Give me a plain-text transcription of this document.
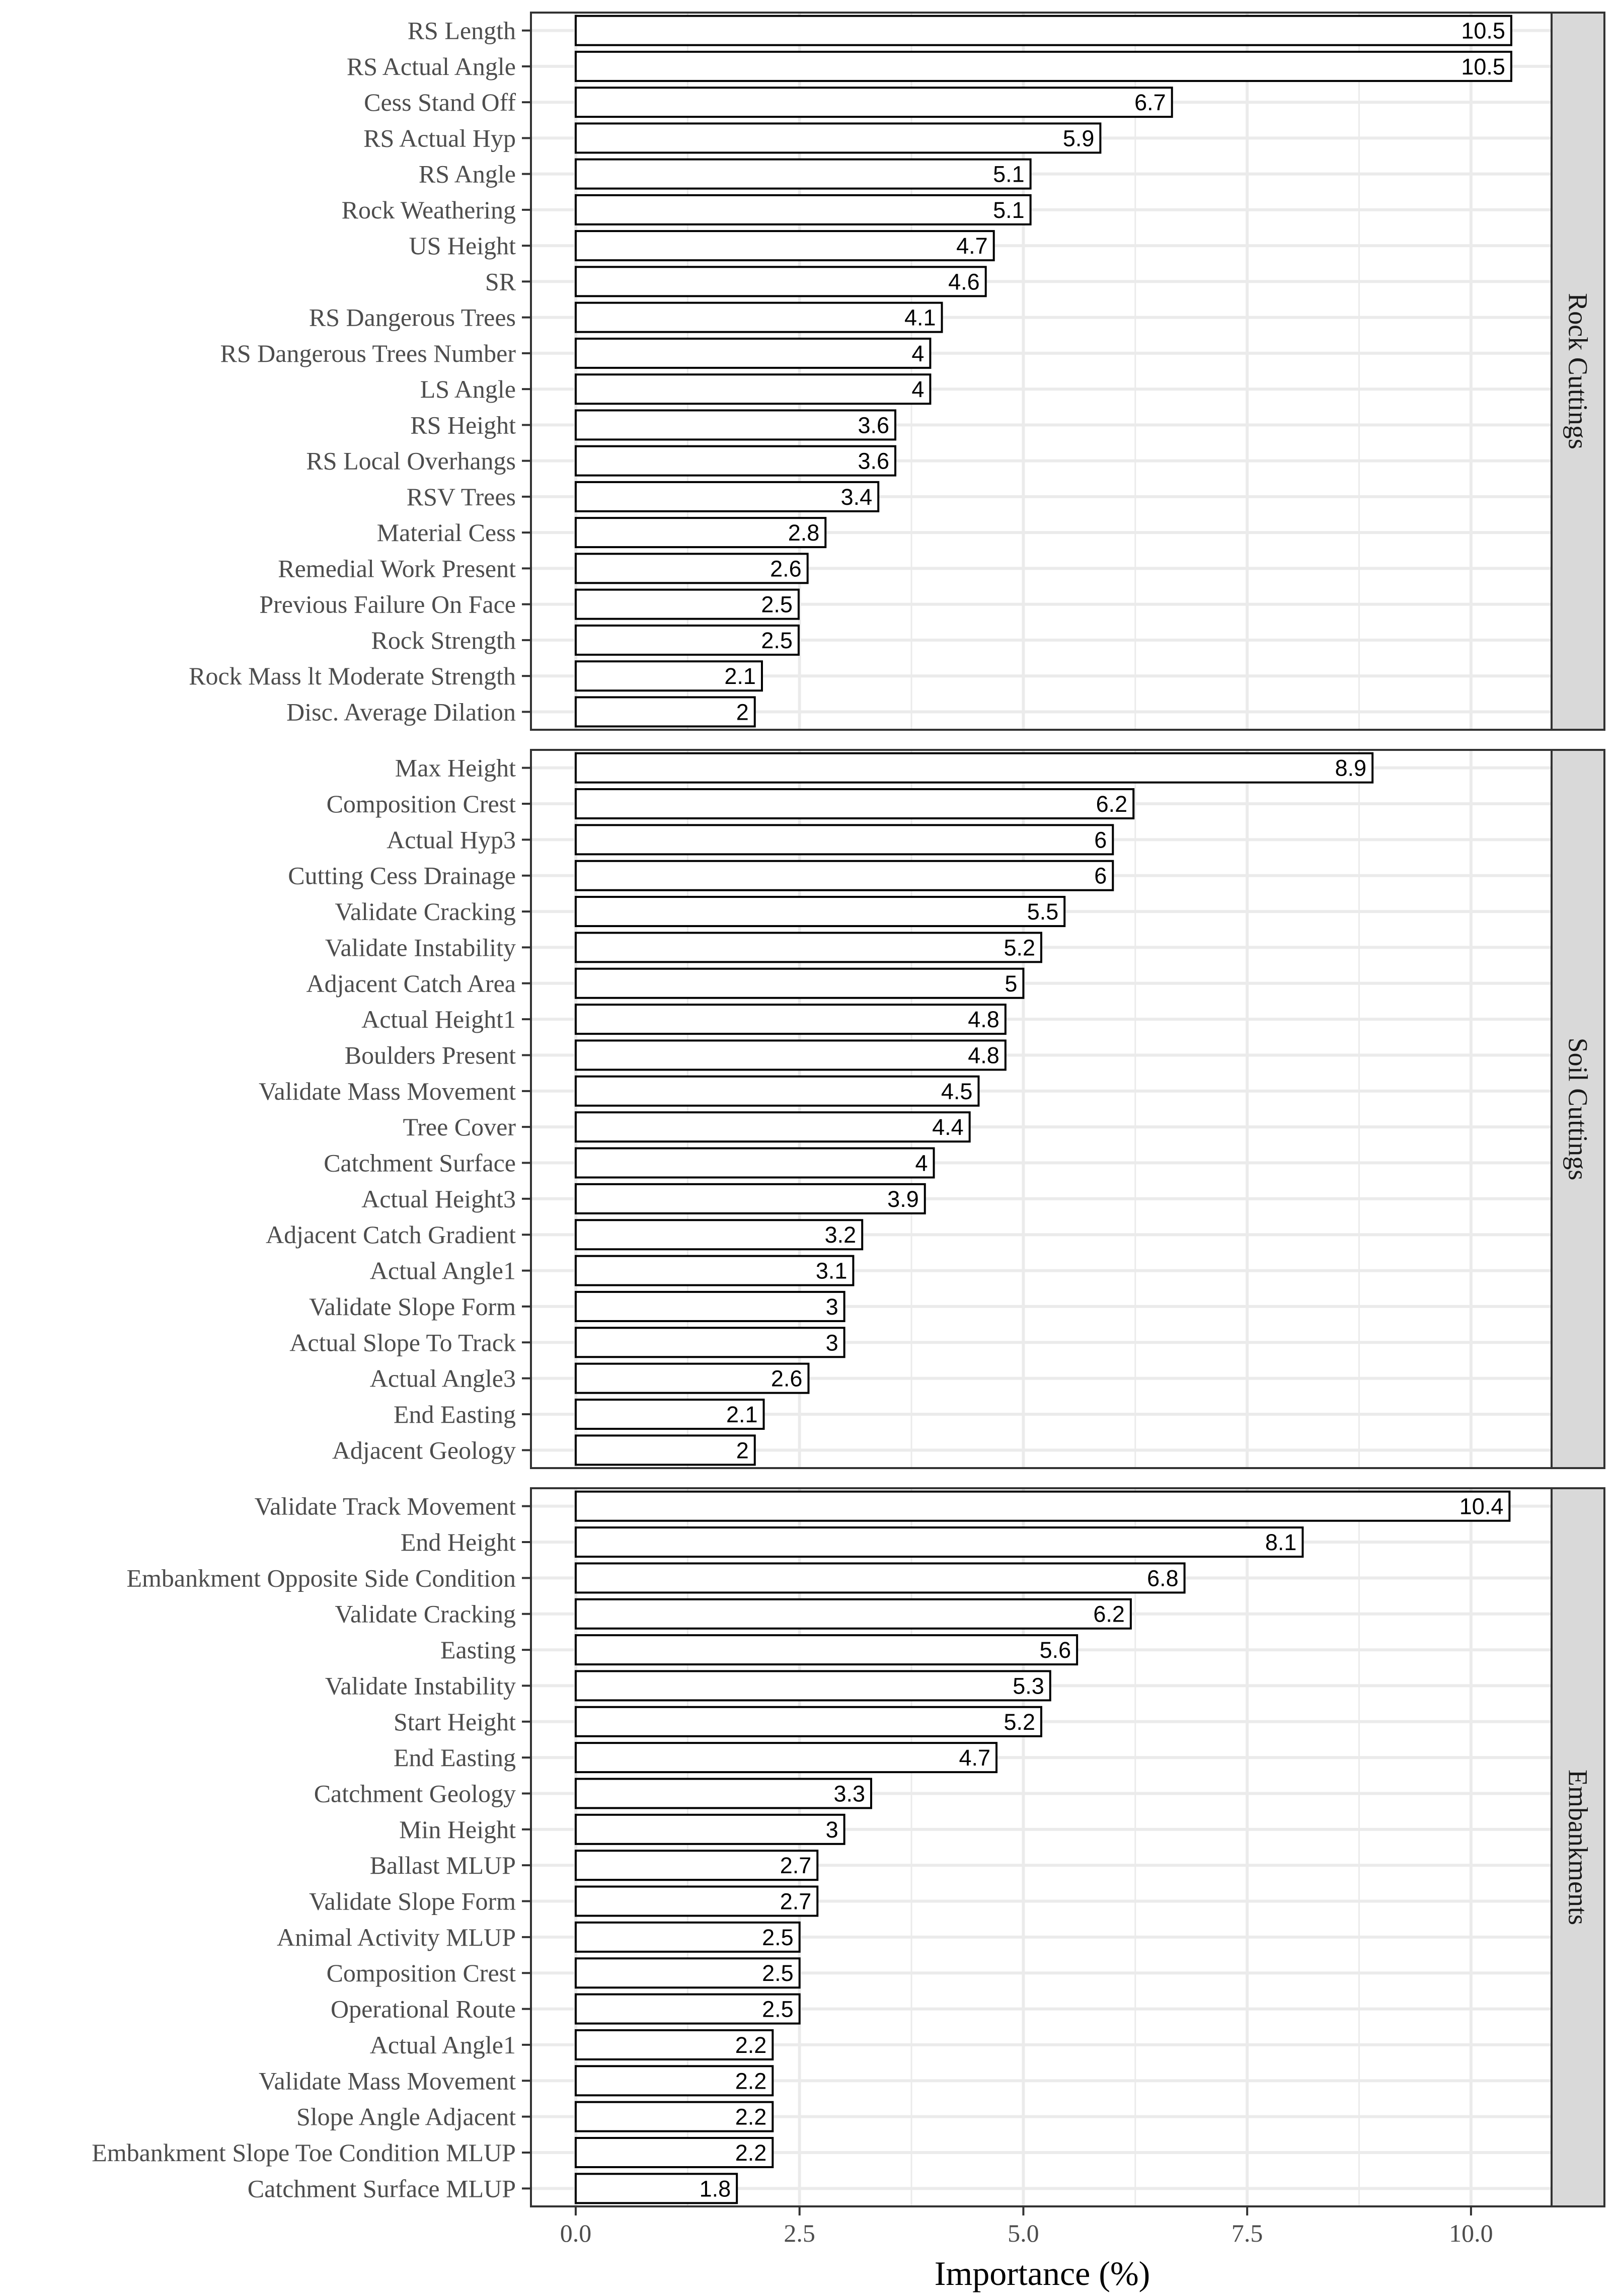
10.5
10.5
6.7
5.9
5.1
5.1
4.7
4.6
4.1
4
4
3.6
3.6
3.4
2.8
2.6
2.5
2.5
2.1
2
RS Length
RS Actual Angle
Cess Stand Off
RS Actual Hyp
RS Angle
Rock Weathering
US Height
SR
RS Dangerous Trees
RS Dangerous Trees Number
LS Angle
RS Height
RS Local Overhangs
RSV Trees
Material Cess
Remedial Work Present
Previous Failure On Face
Rock Strength
Rock Mass lt Moderate Strength
Disc. Average Dilation
Rock Cuttings
8.9
6.2
6
6
5.5
5.2
5
4.8
4.8
4.5
4.4
4
3.9
3.2
3.1
3
3
2.6
2.1
2
Max Height
Composition Crest
Actual Hyp3
Cutting Cess Drainage
Validate Cracking
Validate Instability
Adjacent Catch Area
Actual Height1
Boulders Present
Validate Mass Movement
Tree Cover
Catchment Surface
Actual Height3
Adjacent Catch Gradient
Actual Angle1
Validate Slope Form
Actual Slope To Track
Actual Angle3
End Easting
Adjacent Geology
Soil Cuttings
10.4
8.1
6.8
6.2
5.6
5.3
5.2
4.7
3.3
3
2.7
2.7
2.5
2.5
2.5
2.2
2.2
2.2
2.2
1.8
Validate Track Movement
End Height
Embankment Opposite Side Condition
Validate Cracking
Easting
Validate Instability
Start Height
End Easting
Catchment Geology
Min Height
Ballast MLUP
Validate Slope Form
Animal Activity MLUP
Composition Crest
Operational Route
Actual Angle1
Validate Mass Movement
Slope Angle Adjacent
Embankment Slope Toe Condition MLUP
Catchment Surface MLUP
Embankments
0.0	2.5	5.0	7.5	10.0
Importance (%)
